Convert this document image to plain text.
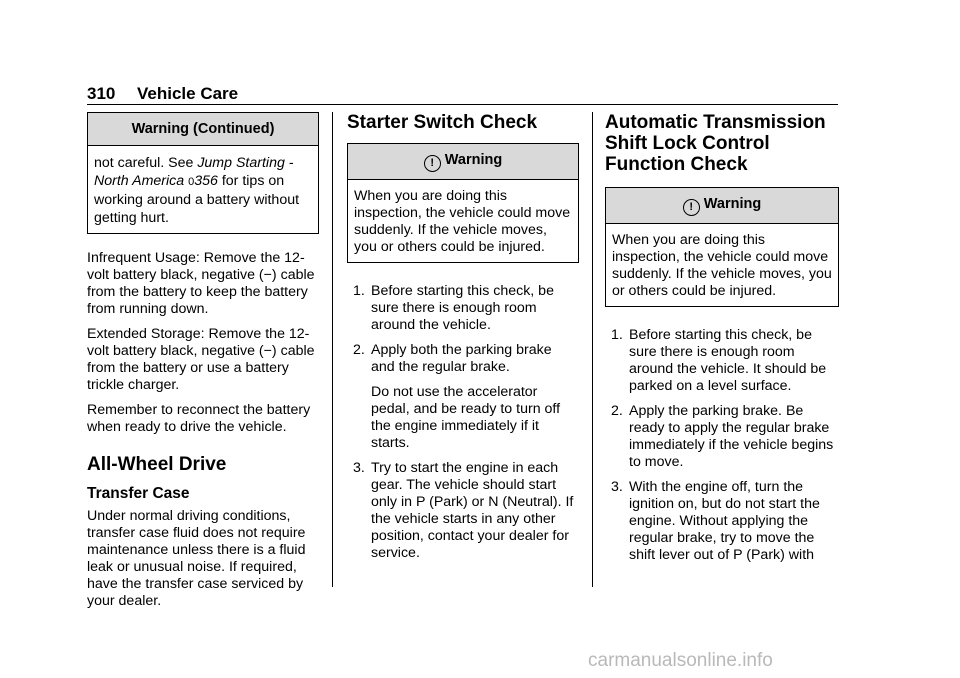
310 Vehicle Care
Warning (Continued)

not careful. See Jump Starting - North America 0356 for tips on working around a battery without getting hurt.

Infrequent Usage: Remove the 12-volt battery black, negative (−) cable from the battery to keep the battery from running down.

Extended Storage: Remove the 12-volt battery black, negative (−) cable from the battery or use a battery trickle charger.

Remember to reconnect the battery when ready to drive the vehicle.

All-Wheel Drive
Transfer Case

Under normal driving conditions, transfer case fluid does not require maintenance unless there is a fluid leak or unusual noise. If required, have the transfer case serviced by your dealer.

Starter Switch Check
! Warning

When you are doing this inspection, the vehicle could move suddenly. If the vehicle moves, you or others could be injured.

1. Before starting this check, be sure there is enough room around the vehicle.

2. Apply both the parking brake and the regular brake.

Do not use the accelerator pedal, and be ready to turn off the engine immediately if it starts.

3. Try to start the engine in each gear. The vehicle should start only in P (Park) or N (Neutral). If the vehicle starts in any other position, contact your dealer for service.

Automatic Transmission Shift Lock Control Function Check
! Warning

When you are doing this inspection, the vehicle could move suddenly. If the vehicle moves, you or others could be injured.

1. Before starting this check, be sure there is enough room around the vehicle. It should be parked on a level surface.

2. Apply the parking brake. Be ready to apply the regular brake immediately if the vehicle begins to move.

3. With the engine off, turn the ignition on, but do not start the engine. Without applying the regular brake, try to move the shift lever out of P (Park) with

carmanualsonline.info
